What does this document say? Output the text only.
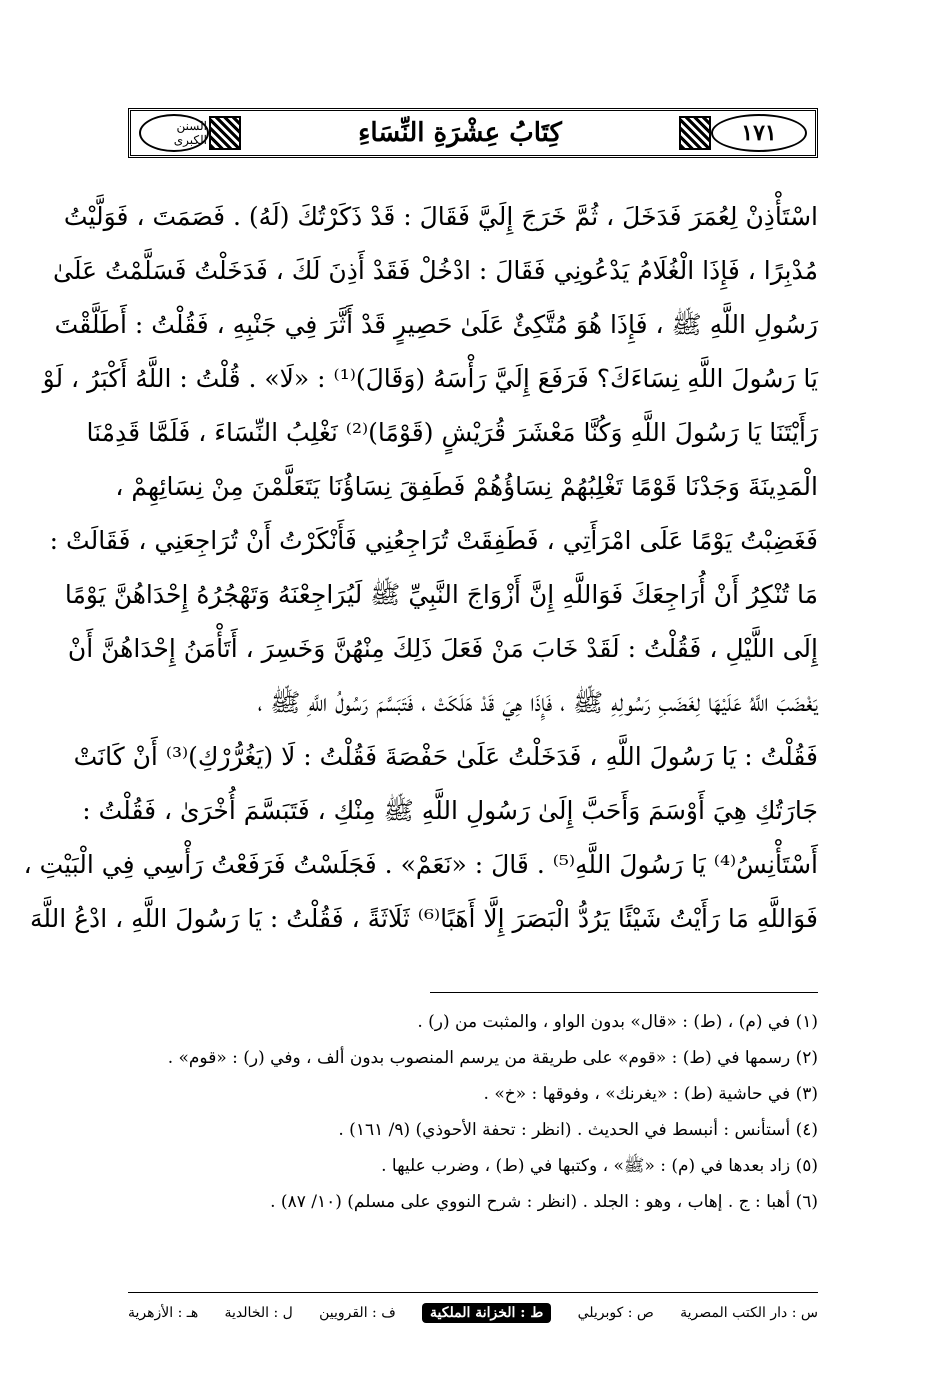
السنن الكبرى	كِتَابُ عِشْرَةِ النِّسَاءِ	١٧١

اسْتَأْذِنْ لِعُمَرَ فَدَخَلَ ، ثُمَّ خَرَجَ إِلَيَّ فَقَالَ : قَدْ ذَكَرْتُكَ (لَهُ) . فَصَمَتَ ، فَوَلَّيْتُ

مُدْبِرًا ، فَإِذَا الْغُلَامُ يَدْعُونِي فَقَالَ : ادْخُلْ فَقَدْ أَذِنَ لَكَ ، فَدَخَلْتُ فَسَلَّمْتُ عَلَىٰ

رَسُولِ اللَّهِ ﷺ ، فَإِذَا هُوَ مُتَّكِئٌ عَلَىٰ حَصِيرٍ قَدْ أَثَّرَ فِي جَنْبِهِ ، فَقُلْتُ : أَطَلَّقْتَ

يَا رَسُولَ اللَّهِ نِسَاءَكَ؟ فَرَفَعَ إِلَيَّ رَأْسَهُ (وَقَالَ)⁽¹⁾ : «لَا» . قُلْتُ : اللَّهُ أَكْبَرُ ، لَوْ

رَأَيْتَنَا يَا رَسُولَ اللَّهِ وَكُنَّا مَعْشَرَ قُرَيْشٍ (قَوْمًا)⁽²⁾ نَغْلِبُ النِّسَاءَ ، فَلَمَّا قَدِمْنَا

الْمَدِينَةَ وَجَدْنَا قَوْمًا تَغْلِبُهُمْ نِسَاؤُهُمْ فَطَفِقَ نِسَاؤُنَا يَتَعَلَّمْنَ مِنْ نِسَائِهِمْ ،

فَغَضِبْتُ يَوْمًا عَلَى امْرَأَتِي ، فَطَفِقَتْ تُرَاجِعُنِي فَأَنْكَرْتُ أَنْ تُرَاجِعَنِي ، فَقَالَتْ :

مَا تُنْكِرُ أَنْ أُرَاجِعَكَ فَوَاللَّهِ إِنَّ أَزْوَاجَ النَّبِيِّ ﷺ لَيُرَاجِعْنَهُ وَتَهْجُرُهُ إِحْدَاهُنَّ يَوْمًا

إِلَى اللَّيْلِ ، فَقُلْتُ : لَقَدْ خَابَ مَنْ فَعَلَ ذَلِكَ مِنْهُنَّ وَخَسِرَ ، أَتَأْمَنُ إِحْدَاهُنَّ أَنْ

يَغْضَبَ اللَّهُ عَلَيْهَا لِغَضَبِ رَسُولِهِ ﷺ ، فَإِذَا هِيَ قَدْ هَلَكَتْ ، فَتَبَسَّمَ رَسُولُ اللَّهِ ﷺ ،

فَقُلْتُ : يَا رَسُولَ اللَّهِ ، فَدَخَلْتُ عَلَىٰ حَفْصَةَ فَقُلْتُ : لَا (يَغُرُّرْكِ)⁽³⁾ أَنْ كَانَتْ

جَارَتُكِ هِيَ أَوْسَمَ وَأَحَبَّ إِلَىٰ رَسُولِ اللَّهِ ﷺ مِنْكِ ، فَتَبَسَّمَ أُخْرَىٰ ، فَقُلْتُ :

أَسْتَأْنِسُ⁽⁴⁾ يَا رَسُولَ اللَّهِ⁽⁵⁾ . قَالَ : «نَعَمْ» . فَجَلَسْتُ فَرَفَعْتُ رَأْسِي فِي الْبَيْتِ ،

فَوَاللَّهِ مَا رَأَيْتُ شَيْئًا يَرُدُّ الْبَصَرَ إِلَّا أَهَبًا⁽⁶⁾ ثَلَاثَةً ، فَقُلْتُ : يَا رَسُولَ اللَّهِ ، ادْعُ اللَّهَ

(١) في (م) ، (ط) : «قال» بدون الواو ، والمثبت من (ر) .

(٢) رسمها في (ط) : «قوم» على طريقة من يرسم المنصوب بدون ألف ، وفي (ر) : «قوم» .

(٣) في حاشية (ط) : «يغرنك» ، وفوقها : «خ» .

(٤) أستأنس : أنبسط في الحديث . (انظر : تحفة الأحوذي) (٩/ ١٦١) .

(٥) زاد بعدها في (م) : «ﷺ» ، وكتبها في (ط) ، وضرب عليها .

(٦) أهبا : ج . إهاب ، وهو : الجلد . (انظر : شرح النووي على مسلم) (١٠/ ٨٧) .

س : دار الكتب المصرية
ص : كوبريلي
ط : الخزانة الملكية
ف : القرويين
ل : الخالدية
هـ : الأزهرية
